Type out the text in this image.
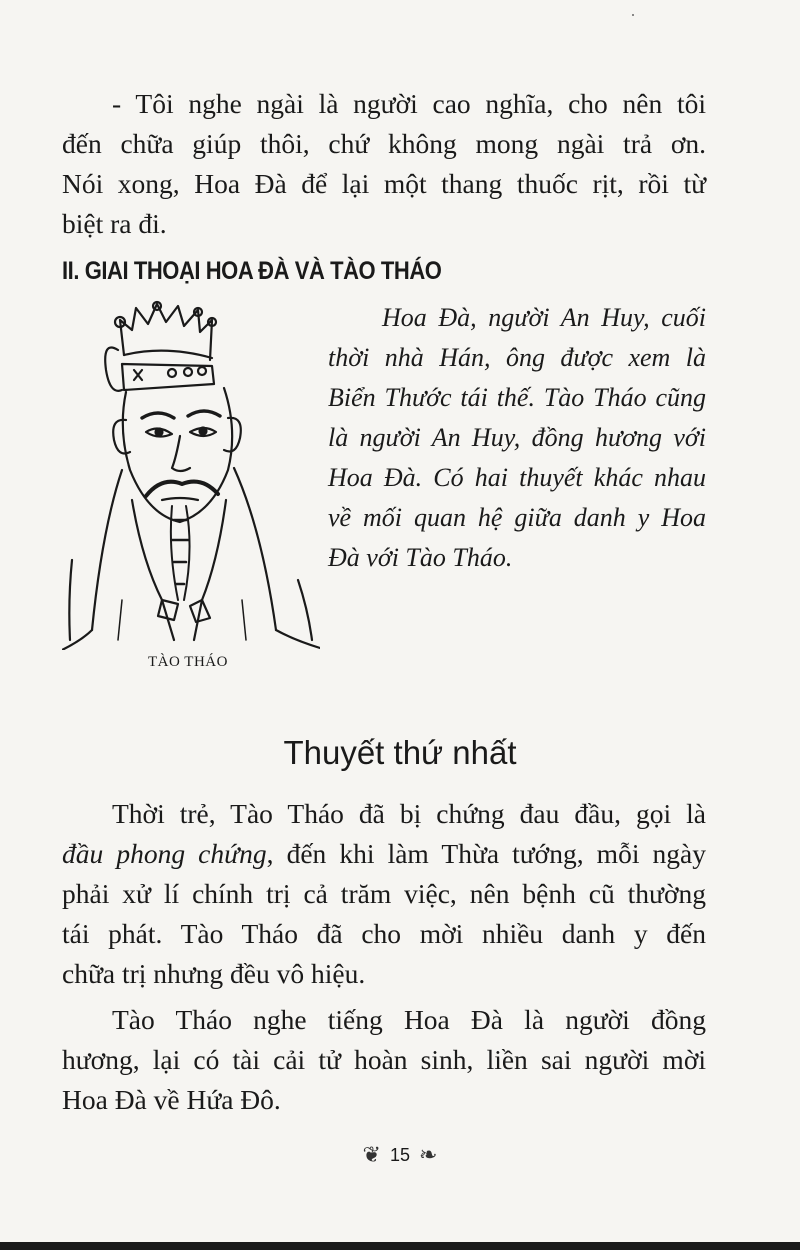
- Tôi nghe ngài là người cao nghĩa, cho nên tôi
đến chữa giúp thôi, chứ không mong ngài trả ơn.
Nói xong, Hoa Đà để lại một thang thuốc rịt, rồi từ
biệt ra đi.

II. GIAI THOẠI HOA ĐÀ VÀ TÀO THÁO
TÀO THÁO
Hoa Đà, người An Huy, cuối
thời nhà Hán, ông được xem là
Biển Thước tái thế. Tào Tháo cũng
là người An Huy, đồng hương với
Hoa Đà. Có hai thuyết khác nhau
về mối quan hệ giữa danh y Hoa
Đà với Tào Tháo.
Thuyết thứ nhất

Thời trẻ, Tào Tháo đã bị chứng đau đầu, gọi là
đầu phong chứng, đến khi làm Thừa tướng, mỗi ngày
phải xử lí chính trị cả trăm việc, nên bệnh cũ thường
tái phát. Tào Tháo đã cho mời nhiều danh y đến
chữa trị nhưng đều vô hiệu.

Tào Tháo nghe tiếng Hoa Đà là người đồng
hương, lại có tài cải tử hoàn sinh, liền sai người mời
Hoa Đà về Hứa Đô.

❦ 15 ❧
